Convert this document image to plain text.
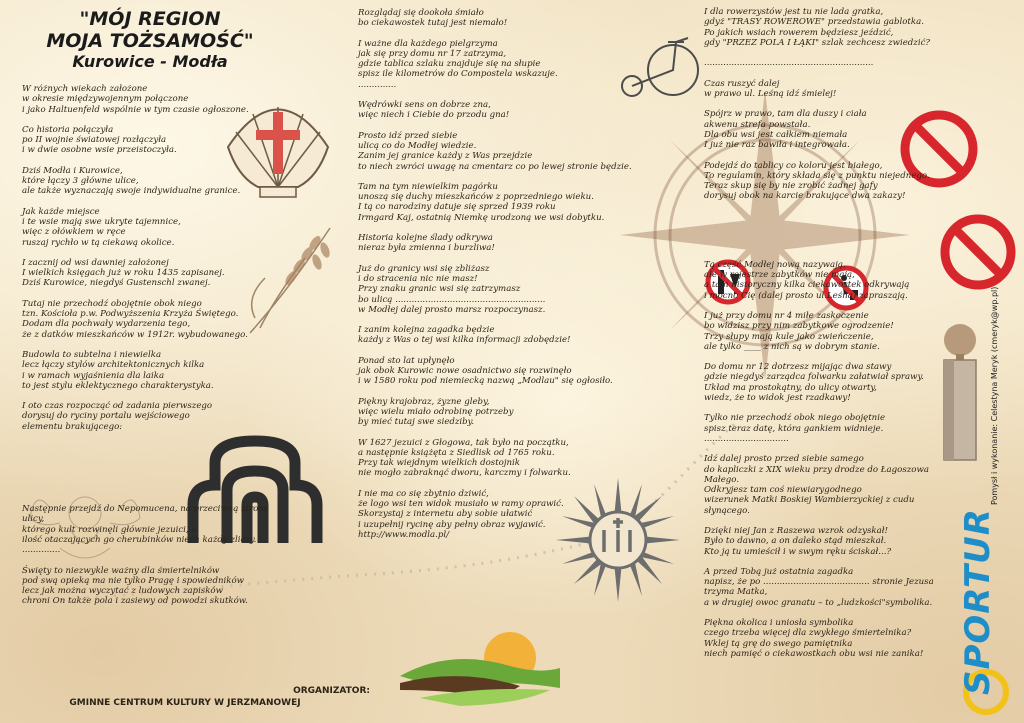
"MÓJ REGION
MOJA TOŻSAMOŚĆ"
Kurowice - Modła

W różnych wiekach założone
w okresie międzywojennym połączone
i jako Haltuenfeld wspólnie w tym czasie ogłoszone.

Co historia połączyła
po II wojnie światowej rozłączyła
i w dwie osobne wsie przeistoczyła.

Dziś Modła i Kurowice,
które łączy 3 główne ulice,
ale także wyznaczają swoje indywidualne granice.

Jak każde miejsce
i te wsie mają swe ukryte tajemnice,
więc z ołówkiem w ręce
ruszaj rychło w tą ciekawą okolice.

I zacznij od wsi dawniej założonej
I wielkich księgach już w roku 1435 zapisanej.
Dziś Kurowice, niegdyś Gustenschl zwanej.

Tutaj nie przechodź obojętnie obok niego
tzn. Kościoła p.w. Podwyższenia Krzyża Świętego.
Dodam dla pochwały wydarzenia tego,
że z datków mieszkańców w 1912r. wybudowanego.

Budowla to subtelna i niewielka
lecz łączy stylów architektonicznych kilka
i w ramach wyjaśnienia dla laika
to jest stylu eklektycznego charakterystyka.

I oto czas rozpocząć od zadania pierwszego
dorysuj do ryciny portalu wejściowego
elementu brakującego:

Następnie przejdź do Nepomucena, na przeciwną stronę ulicy,
którego kult rozwinęli głównie jezuici, a
ilość otaczających go cherubinków niech każdy zliczy.
..............

Święty to niezwykle ważny dla śmiertelników
pod swą opieką ma nie tylko Pragę i spowiedników
lecz jak można wyczytać z ludowych zapisków
chroni On także pola i zasiewy od powodzi skutków.

Rozglądaj się dookoła śmiało
bo ciekawostek tutaj jest niemało!

I ważne dla każdego pielgrzyma
jak się przy domu nr 17 zatrzyma,
gdzie tablica szlaku znajduje się na słupie
spisz ile kilometrów do Compostela wskazuje.
..............

Wędrówki sens on dobrze zna,
więc niech i Ciebie do przodu gna!

Prosto idź przed siebie
ulicą co do Modłej wiedzie.
Zanim jej granice każdy z Was przejdzie
to niech zwróci uwagę na cmentarz co po lewej stronie będzie.

Tam na tym niewielkim pagórku
unoszą się duchy mieszkańców z poprzedniego wieku.
I tą co narodziny datuje się sprzed 1939 roku
Irmgard Kaj, ostatnią Niemkę urodzoną we wsi dobytku.

Historia kolejne ślady odkrywa
nieraz była zmienna i burzliwa!

Już do granicy wsi się zbliżasz
i do stracenia nic nie masz!
Przy znaku granic wsi się zatrzymasz
bo ulicą .......................................................
w Modłej dalej prosto marsz rozpoczynasz.

I zanim kolejna zagadka będzie
każdy z Was o tej wsi kilka informacji zdobędzie!

Ponad sto lat upłynęło
jak obok Kurowic nowe osadnictwo się rozwinęło
i w 1580 roku pod niemiecką nazwą „Modlau" się ogłosiło.

Piękny krajobraz, żyzne gleby,
więc wielu miało odrobinę potrzeby
by mieć tutaj swe siedziby.

W 1627 jezuici z Głogowa, tak było na początku,
a następnie książęta z Siedlisk od 1765 roku.
Przy tak wiejdnym wielkich dostojnik
nie mogło zabraknąć dworu, karczmy i folwarku.

I nie ma co się zbytnio dziwić,
że logo wsi ten widok musiało w ramy oprawić.
Skorzystaj z internetu aby sobie ułatwić
i uzupełnij rycinę aby pełny obraz wyjawić.
http://www.modla.pl/

I dla rowerzystów jest tu nie lada gratka,
gdyż "TRASY ROWEROWE" przedstawia gablotka.
Po jakich wsiach rowerem będziesz jeździć,
gdy "PRZEZ POLA I ŁĄKI" szlak zechcesz zwiedzić?

..............................................................

Czas ruszyć dalej
w prawo ul. Leśną idź śmielej!

Spójrz w prawo, tam dla duszy i ciała
akwenu strefa powstała.
Dla obu wsi jest całkiem niemała
I już nie raz bawiła i integrowała.

Podejdź do tablicy co koloru jest białego,
To regulamin, który składa się z punktu niejednego.
Teraz skup się by nie zrobić żadnej gafy
dorysuj obok na karcie brakujące dwa zakazy!

Tą część Modłej nową nazywają,
ale w rejestrze zabytków nie mają,
a tam historyczny kilka ciekawostek odkrywają
i mocno Cię (dalej prosto ul.Leśną) zapraszają.

I już przy domu nr 4 miłe zaskoczenie
bo widzisz przy nim zabytkowe ogrodzenie!
Trzy słupy mają kule jako zwieńczenie,
ale tylko ____ z nich są w dobrym stanie.

Do domu nr 12 dotrzesz mijając dwa stawy
gdzie niegdyś zarządca folwarku załatwiał sprawy.
Układ ma prostokątny, do ulicy otwarty,
wiedz, że to widok jest rzadkawy!

Tylko nie przechodź obok niego obojętnie
spisz teraz datę, która gankiem widnieje. ...............................

Idź dalej prosto przed siebie samego
do kapliczki z XIX wieku przy drodze do Łagoszowa Małego.
Odkryjesz tam coś niewiarygodnego
wizerunek Matki Boskiej Wambierzyckiej z cudu słynącego.

Dzięki niej Jan z Raszewa wzrok odzyskał!
Było to dawno, a on daleko stąd mieszkał.
Kto ją tu umieścił i w swym ręku ściskał...?

A przed Tobą już ostatnia zagadka
napisz, że po ....................................... stronie Jezusa trzyma Matka,
a w drugiej owoc granatu – to „ludzkości"symbolika.

Piękna okolica i uniosła symbolika
czego trzeba więcej dla zwykłego śmiertelnika?
Wklej tą grę do swego pamiętnika
niech pamięć o ciekawostkach obu wsi nie zanika!

ORGANIZATOR:
GMINNE CENTRUM KULTURY W JERZMANOWEJ
Pomysł i wykonanie: Celestyna Meryk (cmeryk@wp.pl)
SPORTUR
